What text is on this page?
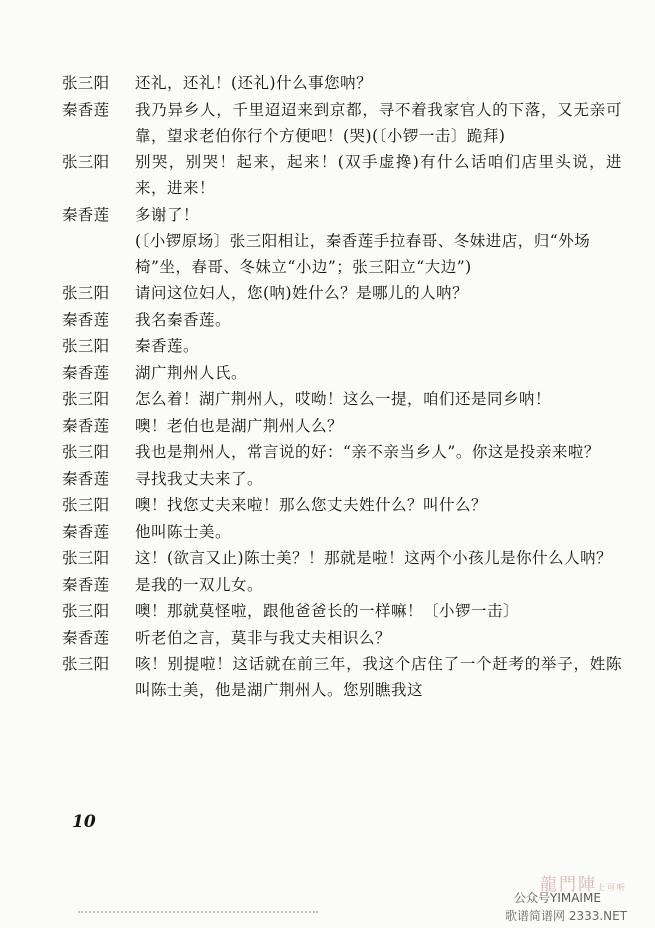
张三阳	还礼，还礼！(还礼)什么事您呐？
秦香莲	我乃异乡人，千里迢迢来到京都，寻不着我家官人的下落，又无亲可靠，望求老伯你行个方便吧！(哭)(〔小锣一击〕跪拜)
张三阳	别哭，别哭！起来，起来！(双手虚搀)有什么话咱们店里头说，进来，进来！
秦香莲	多谢了！
(〔小锣原场〕张三阳相让，秦香莲手拉春哥、冬妹进店，归“外场椅”坐，春哥、冬妹立“小边”；张三阳立“大边”)
张三阳	请问这位妇人，您(呐)姓什么？是哪儿的人呐？
秦香莲	我名秦香莲。
张三阳	秦香莲。
秦香莲	湖广荆州人氏。
张三阳	怎么着！湖广荆州人，哎呦！这么一提，咱们还是同乡呐！
秦香莲	噢！老伯也是湖广荆州人么？
张三阳	我也是荆州人，常言说的好：“亲不亲当乡人”。你这是投亲来啦？
秦香莲	寻找我丈夫来了。
张三阳	噢！找您丈夫来啦！那么您丈夫姓什么？叫什么？
秦香莲	他叫陈士美。
张三阳	这！(欲言又止)陈士美？！那就是啦！这两个小孩儿是你什么人呐？
秦香莲	是我的一双儿女。
张三阳	噢！那就莫怪啦，跟他爸爸长的一样嘛！〔小锣一击〕
秦香莲	听老伯之言，莫非与我丈夫相识么？
张三阳	咳！别提啦！这话就在前三年，我这个店住了一个赶考的举子，姓陈叫陈士美，他是湖广荆州人。您别瞧我这
10
龍門陣上可听
公众号YIMAIME
歌谱简谱网 2333.NET
